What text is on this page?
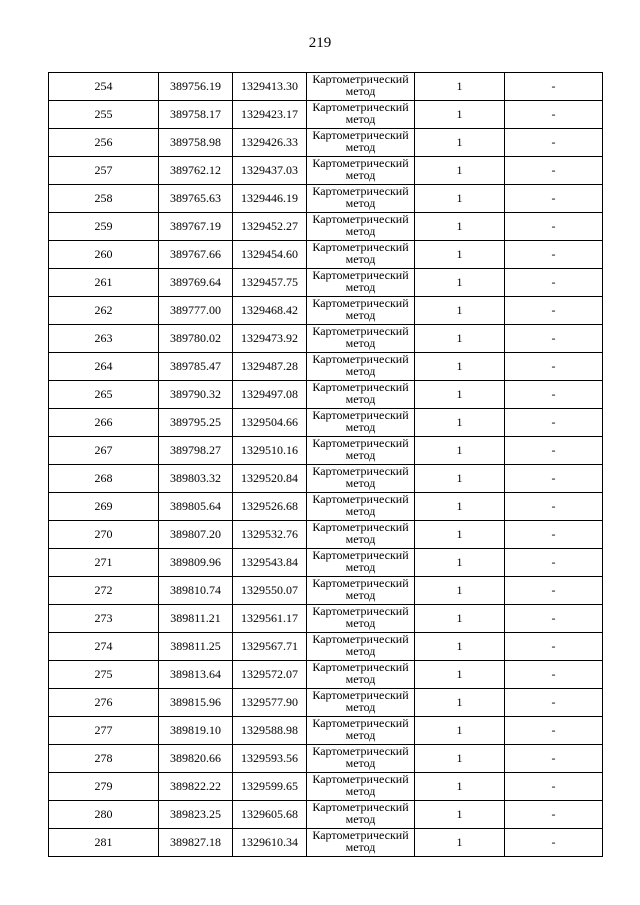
219
254	389756.19	1329413.30	Картометрический
метод	1	-
255	389758.17	1329423.17	Картометрический
метод	1	-
256	389758.98	1329426.33	Картометрический
метод	1	-
257	389762.12	1329437.03	Картометрический
метод	1	-
258	389765.63	1329446.19	Картометрический
метод	1	-
259	389767.19	1329452.27	Картометрический
метод	1	-
260	389767.66	1329454.60	Картометрический
метод	1	-
261	389769.64	1329457.75	Картометрический
метод	1	-
262	389777.00	1329468.42	Картометрический
метод	1	-
263	389780.02	1329473.92	Картометрический
метод	1	-
264	389785.47	1329487.28	Картометрический
метод	1	-
265	389790.32	1329497.08	Картометрический
метод	1	-
266	389795.25	1329504.66	Картометрический
метод	1	-
267	389798.27	1329510.16	Картометрический
метод	1	-
268	389803.32	1329520.84	Картометрический
метод	1	-
269	389805.64	1329526.68	Картометрический
метод	1	-
270	389807.20	1329532.76	Картометрический
метод	1	-
271	389809.96	1329543.84	Картометрический
метод	1	-
272	389810.74	1329550.07	Картометрический
метод	1	-
273	389811.21	1329561.17	Картометрический
метод	1	-
274	389811.25	1329567.71	Картометрический
метод	1	-
275	389813.64	1329572.07	Картометрический
метод	1	-
276	389815.96	1329577.90	Картометрический
метод	1	-
277	389819.10	1329588.98	Картометрический
метод	1	-
278	389820.66	1329593.56	Картометрический
метод	1	-
279	389822.22	1329599.65	Картометрический
метод	1	-
280	389823.25	1329605.68	Картометрический
метод	1	-
281	389827.18	1329610.34	Картометрический
метод	1	-
